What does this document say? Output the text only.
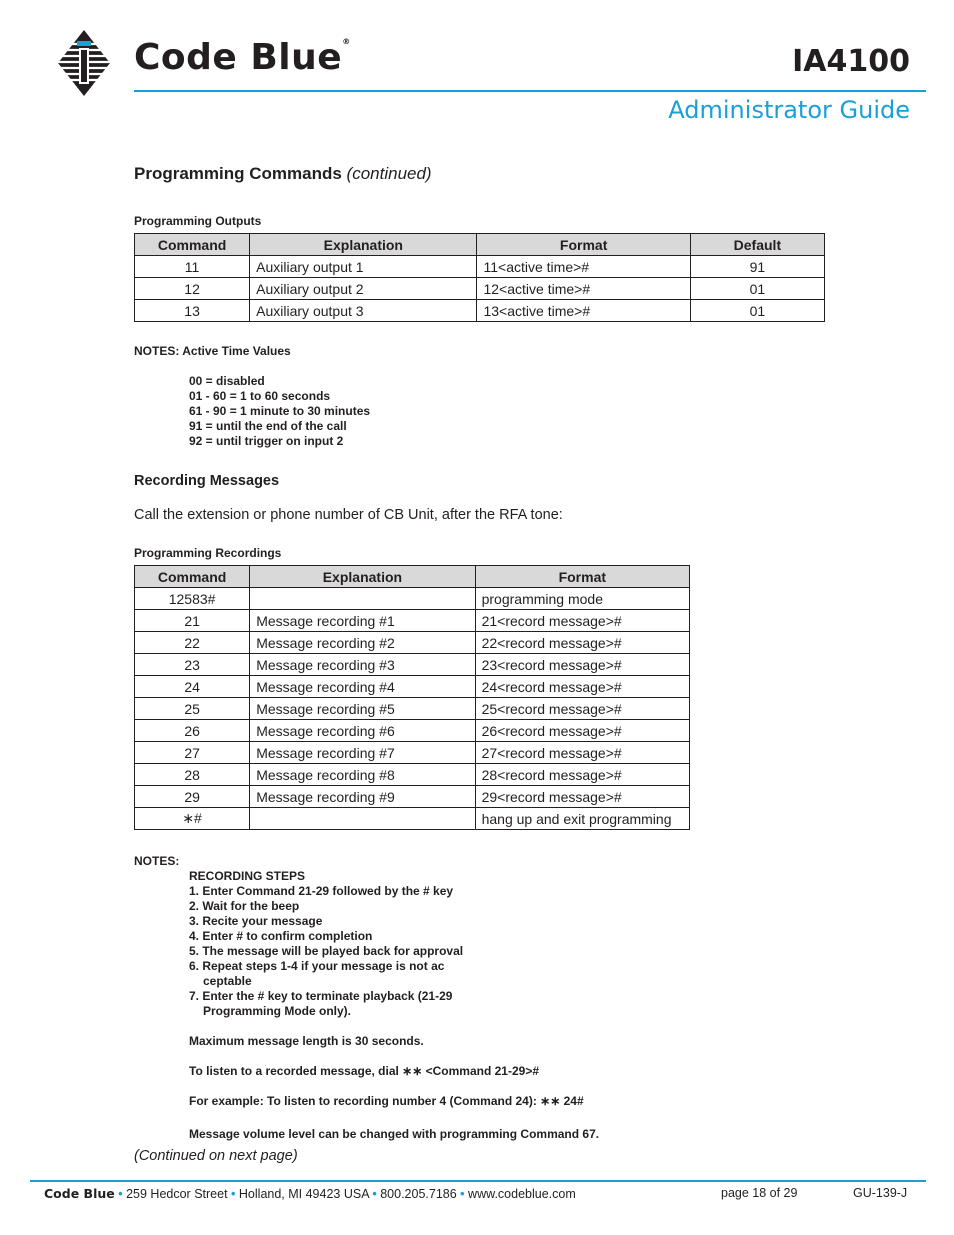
Code Blue®
IA4100
Administrator Guide
Programming Commands (continued)
Programming Outputs
Command	Explanation	Format	Default
11	Auxiliary output 1	11<active time>#	91
12	Auxiliary output 2	12<active time>#	01
13	Auxiliary output 3	13<active time>#	01
NOTES: Active Time Values
00 = disabled
01 - 60 = 1 to 60 seconds
61 - 90 = 1 minute to 30 minutes
91 = until the end of the call
92 = until trigger on input 2
Recording Messages
Call the extension or phone number of CB Unit, after the RFA tone:
Programming Recordings
Command	Explanation	Format
12583#		programming mode
21	Message recording #1	21<record message>#
22	Message recording #2	22<record message>#
23	Message recording #3	23<record message>#
24	Message recording #4	24<record message>#
25	Message recording #5	25<record message>#
26	Message recording #6	26<record message>#
27	Message recording #7	27<record message>#
28	Message recording #8	28<record message>#
29	Message recording #9	29<record message>#
∗#		hang up and exit programming
NOTES:
RECORDING STEPS
1. Enter Command 21-29 followed by the # key
2. Wait for the beep
3. Recite your message
4. Enter # to confirm completion
5. The message will be played back for approval
6. Repeat steps 1-4 if your message is not ac
ceptable
7. Enter the # key to terminate playback (21-29
Programming Mode only).
Maximum message length is 30 seconds.
To listen to a recorded message, dial ∗∗ <Command 21-29>#
For example: To listen to recording number 4 (Command 24): ∗∗ 24#
Message volume level can be changed with programming Command 67.
(Continued on next page)
Code Blue • 259 Hedcor Street • Holland, MI 49423 USA • 800.205.7186 • www.codeblue.com	page 18 of 29	GU-139-J
